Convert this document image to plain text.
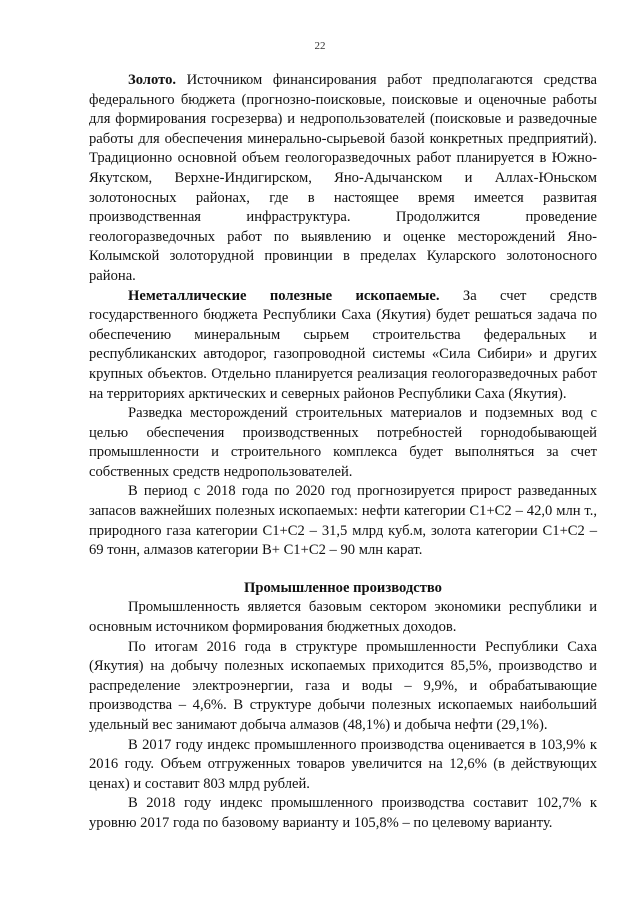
22

Золото. Источником финансирования работ предполагаются средства федерального бюджета (прогнозно-поисковые, поисковые и оценочные работы для формирования госрезерва) и недропользователей (поисковые и разведочные работы для обеспечения минерально-сырьевой базой конкретных предприятий). Традиционно основной объем геологоразведочных работ планируется в Южно-Якутском, Верхне-Индигирском, Яно-Адычанском и Аллах-Юньском золотоносных районах, где в настоящее время имеется развитая производственная инфраструктура. Продолжится проведение геологоразведочных работ по выявлению и оценке месторождений Яно-Колымской золоторудной провинции в пределах Куларского золотоносного района.

Неметаллические полезные ископаемые. За счет средств государственного бюджета Республики Саха (Якутия) будет решаться задача по обеспечению минеральным сырьем строительства федеральных и республиканских автодорог, газопроводной системы «Сила Сибири» и других крупных объектов. Отдельно планируется реализация геологоразведочных работ на территориях арктических и северных районов Республики Саха (Якутия).

Разведка месторождений строительных материалов и подземных вод с целью обеспечения производственных потребностей горнодобывающей промышленности и строительного комплекса будет выполняться за счет собственных средств недропользователей.

В период с 2018 года по 2020 год прогнозируется прирост разведанных запасов важнейших полезных ископаемых: нефти категории С1+С2 – 42,0 млн т., природного газа категории С1+С2 – 31,5 млрд куб.м, золота категории С1+С2 – 69 тонн, алмазов категории В+ С1+С2 – 90 млн карат.

Промышленное производство

Промышленность является базовым сектором экономики республики и основным источником формирования бюджетных доходов.

По итогам 2016 года в структуре промышленности Республики Саха (Якутия) на добычу полезных ископаемых приходится 85,5%, производство и распределение электроэнергии, газа и воды – 9,9%, и обрабатывающие производства – 4,6%. В структуре добычи полезных ископаемых наибольший удельный вес занимают добыча алмазов (48,1%) и добыча нефти (29,1%).

В 2017 году индекс промышленного производства оценивается в 103,9% к 2016 году. Объем отгруженных товаров увеличится на 12,6% (в действующих ценах) и составит 803 млрд рублей.

В 2018 году индекс промышленного производства составит 102,7% к уровню 2017 года по базовому варианту и 105,8% – по целевому варианту.
